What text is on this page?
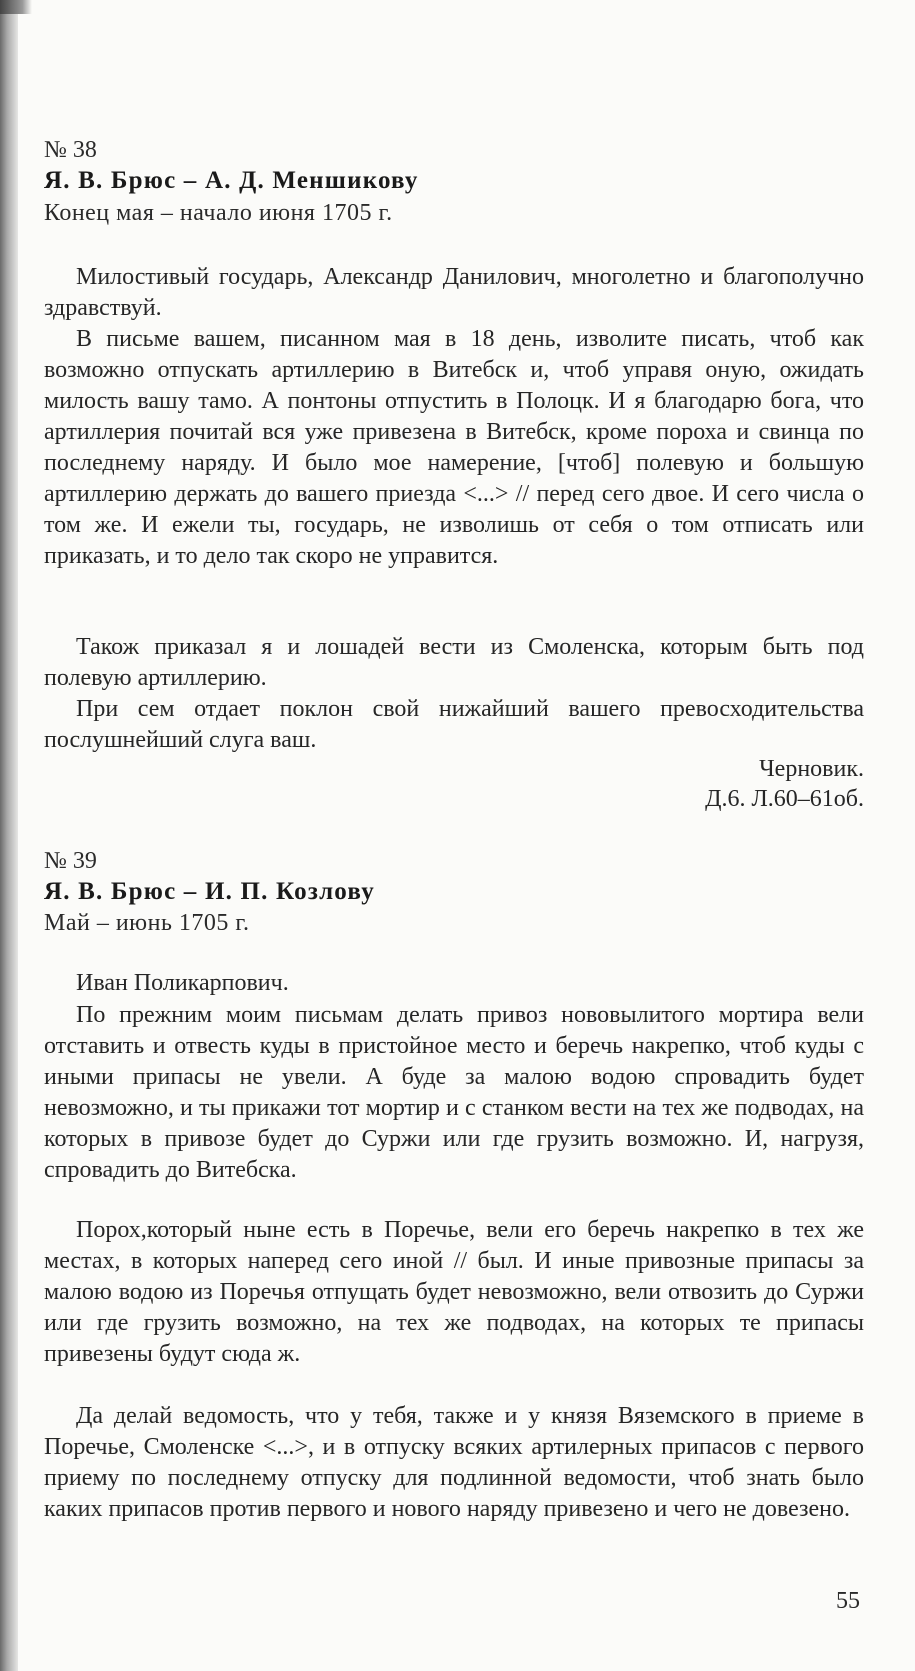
№ 38
Я. В. Брюс – А. Д. Меншикову
Конец мая – начало июня 1705 г.

Милостивый государь, Александр Данилович, многолетно и благополучно здравствуй.

В письме вашем, писанном мая в 18 день, изволите писать, чтоб как возможно отпускать артиллерию в Витебск и, чтоб управя оную, ожидать милость вашу тамо. А понтоны отпустить в Полоцк. И я благодарю бога, что артиллерия почитай вся уже привезена в Витебск, кроме пороха и свинца по последнему наряду. И было мое намерение, [чтоб] полевую и большую артиллерию держать до вашего приезда <...> // перед сего двое. И сего числа о том же. И ежели ты, государь, не изволишь от себя о том отписать или приказать, и то дело так скоро не управится.

Також приказал я и лошадей вести из Смоленска, которым быть под полевую артиллерию.

При сем отдает поклон свой нижайший вашего превосходительства послушнейший слуга ваш.

Черновик.
Д.6. Л.60–61об.
№ 39
Я. В. Брюс – И. П. Козлову
Май – июнь 1705 г.
Иван Поликарпович.

По прежним моим письмам делать привоз нововылитого мортира вели отставить и отвесть куды в пристойное место и беречь накрепко, чтоб куды с иными припасы не увели. А буде за малою водою спровадить будет невозможно, и ты прикажи тот мортир и с станком вести на тех же подводах, на которых в привозе будет до Суржи или где грузить возможно. И, нагрузя, спровадить до Витебска.

Порох,который ныне есть в Поречье, вели его беречь накрепко в тех же местах, в которых наперед сего иной // был. И иные привозные припасы за малою водою из Поречья отпущать будет невозможно, вели отвозить до Суржи или где грузить возможно, на тех же подводах, на которых те припасы привезены будут сюда ж.

Да делай ведомость, что у тебя, также и у князя Вяземского в приеме в Поречье, Смоленске <...>, и в отпуску всяких артилерных припасов с первого приему по последнему отпуску для подлинной ведомости, чтоб знать было каких припасов против первого и нового наряду привезено и чего не довезено.

55
